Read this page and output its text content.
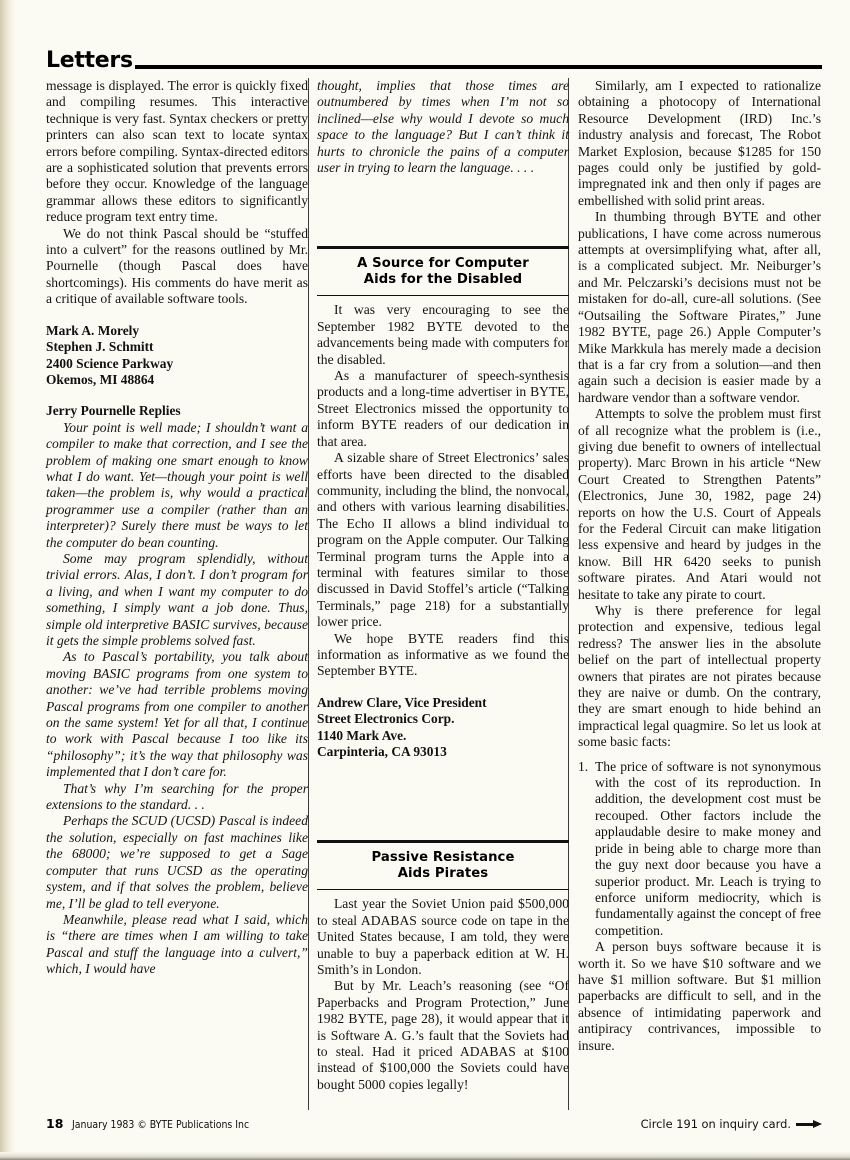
Letters

message is displayed. The error is quickly fixed and compiling resumes. This interactive technique is very fast. Syntax checkers or pretty printers can also scan text to locate syntax errors before compiling. Syntax-directed editors are a sophisticated solution that prevents errors before they occur. Knowledge of the language grammar allows these editors to significantly reduce program text entry time.

We do not think Pascal should be “stuffed into a culvert” for the reasons outlined by Mr. Pournelle (though Pascal does have shortcomings). His comments do have merit as a critique of available software tools.

Mark A. Morely
Stephen J. Schmitt
2400 Science Parkway
Okemos, MI 48864
Jerry Pournelle Replies

Your point is well made; I shouldn’t want a compiler to make that correction, and I see the problem of making one smart enough to know what I do want. Yet—though your point is well taken—the problem is, why would a practical programmer use a compiler (rather than an interpreter)? Surely there must be ways to let the computer do bean counting.

Some may program splendidly, without trivial errors. Alas, I don’t. I don’t program for a living, and when I want my computer to do something, I simply want a job done. Thus, simple old interpretive BASIC survives, because it gets the simple problems solved fast.

As to Pascal’s portability, you talk about moving BASIC programs from one system to another: we’ve had terrible problems moving Pascal programs from one compiler to another on the same system! Yet for all that, I continue to work with Pascal because I too like its “philosophy”; it’s the way that philosophy was implemented that I don’t care for.

That’s why I’m searching for the proper extensions to the standard. . .

Perhaps the SCUD (UCSD) Pascal is indeed the solution, especially on fast machines like the 68000; we’re supposed to get a Sage computer that runs UCSD as the operating system, and if that solves the problem, believe me, I’ll be glad to tell everyone.

Meanwhile, please read what I said, which is “there are times when I am willing to take Pascal and stuff the language into a culvert,” which, I would have

thought, implies that those times are outnumbered by times when I’m not so inclined—else why would I devote so much space to the language? But I can’t think it hurts to chronicle the pains of a computer user in trying to learn the language. . . .

A Source for Computer
Aids for the Disabled

It was very encouraging to see the September 1982 BYTE devoted to the advancements being made with computers for the disabled.

As a manufacturer of speech-synthesis products and a long-time advertiser in BYTE, Street Electronics missed the opportunity to inform BYTE readers of our dedication in that area.

A sizable share of Street Electronics’ sales efforts have been directed to the disabled community, including the blind, the nonvocal, and others with various learning disabilities. The Echo II allows a blind individual to program on the Apple computer. Our Talking Terminal program turns the Apple into a terminal with features similar to those discussed in David Stoffel’s article (“Talking Terminals,” page 218) for a substantially lower price.

We hope BYTE readers find this information as informative as we found the September BYTE.

Andrew Clare, Vice President
Street Electronics Corp.
1140 Mark Ave.
Carpinteria, CA 93013
Passive Resistance
Aids Pirates

Last year the Soviet Union paid $500,000 to steal ADABAS source code on tape in the United States because, I am told, they were unable to buy a paperback edition at W. H. Smith’s in London.

But by Mr. Leach’s reasoning (see “Of Paperbacks and Program Protection,” June 1982 BYTE, page 28), it would appear that it is Software A. G.’s fault that the Soviets had to steal. Had it priced ADABAS at $100 instead of $100,000 the Soviets could have bought 5000 copies legally!

Similarly, am I expected to rationalize obtaining a photocopy of International Resource Development (IRD) Inc.’s industry analysis and forecast, The Robot Market Explosion, because $1285 for 150 pages could only be justified by gold-impregnated ink and then only if pages are embellished with solid print areas.

In thumbing through BYTE and other publications, I have come across numerous attempts at oversimplifying what, after all, is a complicated subject. Mr. Neiburger’s and Mr. Pelczarski’s decisions must not be mistaken for do-all, cure-all solutions. (See “Outsailing the Software Pirates,” June 1982 BYTE, page 26.) Apple Computer’s Mike Markkula has merely made a decision that is a far cry from a solution—and then again such a decision is easier made by a hardware vendor than a software vendor.

Attempts to solve the problem must first of all recognize what the problem is (i.e., giving due benefit to owners of intellectual property). Marc Brown in his article “New Court Created to Strengthen Patents” (Electronics, June 30, 1982, page 24) reports on how the U.S. Court of Appeals for the Federal Circuit can make litigation less expensive and heard by judges in the know. Bill HR 6420 seeks to punish software pirates. And Atari would not hesitate to take any pirate to court.

Why is there preference for legal protection and expensive, tedious legal redress? The answer lies in the absolute belief on the part of intellectual property owners that pirates are not pirates because they are naive or dumb. On the contrary, they are smart enough to hide behind an impractical legal quagmire. So let us look at some basic facts:

1. The price of software is not synonymous with the cost of its reproduction. In addition, the development cost must be recouped. Other factors include the applaudable desire to make money and pride in being able to charge more than the guy next door because you have a superior product. Mr. Leach is trying to enforce uniform mediocrity, which is fundamentally against the concept of free competition.

A person buys software because it is worth it. So we have $10 software and we have $1 million software. But $1 million paperbacks are difficult to sell, and in the absence of intimidating paperwork and antipiracy contrivances, impossible to insure.

18 January 1983 © BYTE Publications Inc	Circle 191 on inquiry card.
